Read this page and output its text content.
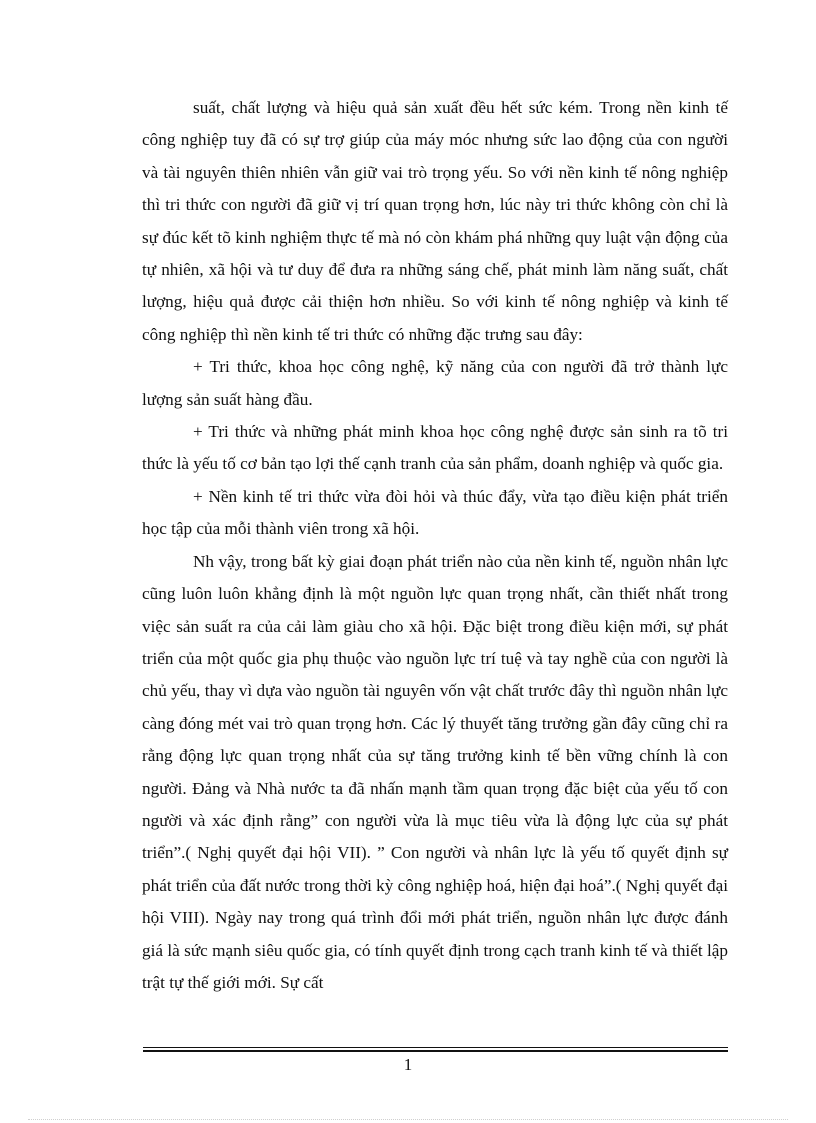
suất, chất lượng và hiệu quả sản xuất đều hết sức kém. Trong nền kinh tế công nghiệp tuy đã có sự trợ giúp của máy móc nhưng sức lao động của con người và tài nguyên thiên nhiên vẫn giữ vai trò trọng yếu. So với nền kinh tế nông nghiệp thì tri thức con người đã giữ vị trí quan trọng hơn, lúc này tri thức không còn chỉ là sự đúc kết tõ kinh nghiệm thực tế mà nó còn khám phá những quy luật vận động của tự nhiên, xã hội và tư duy để đưa ra những sáng chế, phát minh làm năng suất, chất lượng, hiệu quả được cải thiện hơn nhiều. So với kinh tế nông nghiệp và kinh tế công nghiệp thì nền kinh tế tri thức có những đặc trưng sau đây:

+ Tri thức, khoa học công nghệ, kỹ năng của con người đã trở thành lực lượng sản suất hàng đầu.

+ Tri thức và những phát minh khoa học công nghệ được sản sinh ra tõ tri thức là yếu tố cơ bản tạo lợi thế cạnh tranh của sản phẩm, doanh nghiệp và quốc gia.

+ Nền kinh tế tri thức vừa đòi hỏi và thúc đẩy, vừa tạo điều kiện phát triển học tập của mỗi thành viên trong xã hội.

Nh vậy, trong bất kỳ giai đoạn phát triển nào của nền kinh tế, nguồn nhân lực cũng luôn luôn khẳng định là một nguồn lực quan trọng nhất, cần thiết nhất trong việc sản suất ra của cải làm giàu cho xã hội. Đặc biệt trong điều kiện mới, sự phát triển của một quốc gia phụ thuộc vào nguồn lực trí tuệ và tay nghề của con người là chủ yếu, thay vì dựa vào nguồn tài nguyên vốn vật chất trước đây thì nguồn nhân lực càng đóng mét vai trò quan trọng hơn. Các lý thuyết tăng trưởng gần đây cũng chỉ ra rằng động lực quan trọng nhất của sự tăng trưởng kinh tế bền vững chính là con người. Đảng và Nhà nước ta đã nhấn mạnh tầm quan trọng đặc biệt của yếu tố con người và xác định rằng” con người vừa là mục tiêu vừa là động lực của sự phát triển”.( Nghị quyết đại hội VII). ” Con người và nhân lực là yếu tố quyết định sự phát triển của đất nước trong thời kỳ công nghiệp hoá, hiện đại hoá”.( Nghị quyết đại hội VIII). Ngày nay trong quá trình đổi mới phát triển, nguồn nhân lực được đánh giá là sức mạnh siêu quốc gia, có tính quyết định trong cạch tranh kinh tế và thiết lập trật tự thế giới mới. Sự cất

1
